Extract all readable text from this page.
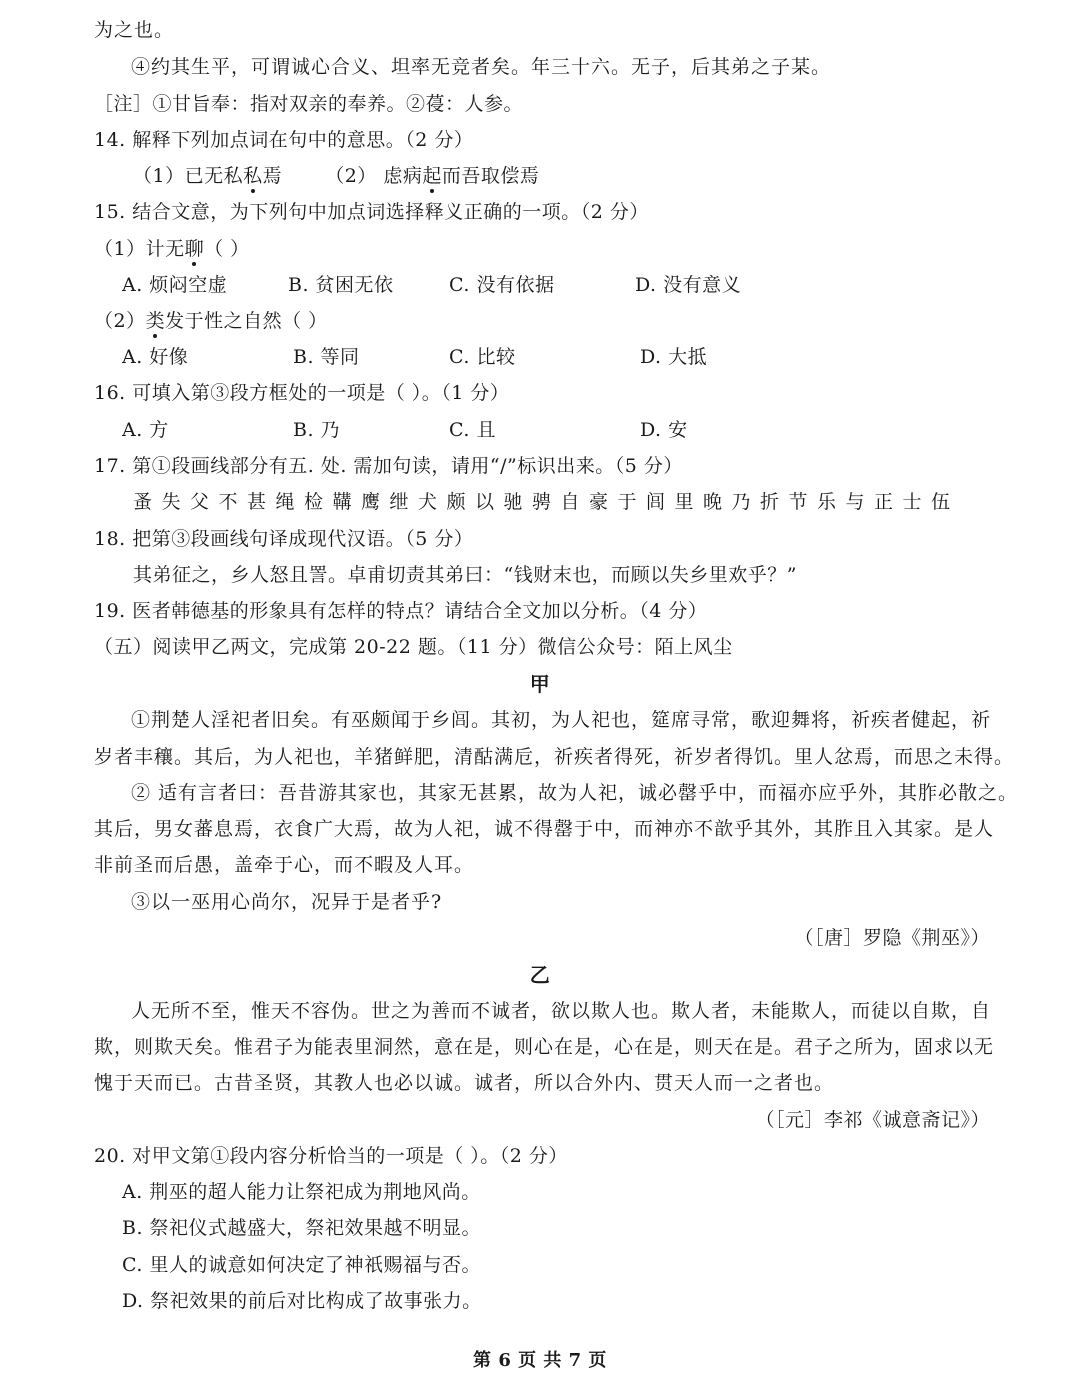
为之也。
④约其生平，可谓诚心合义、坦率无竞者矣。年三十六。无子，后其弟之子某。
［注］①甘旨奉：指对双亲的奉养。②葠：人参。
14. 解释下列加点词在句中的意思。（2 分）
（1）已无私私焉 （2） 虑病起而吾取偿焉
15. 结合文意，为下列句中加点词选择释义正确的一项。（2 分）
（1）计无聊（ ）
A. 烦闷空虚	B. 贫困无依	C. 没有依据	D. 没有意义
（2）类发于性之自然（ ）
A. 好像	B. 等同	C. 比较	D. 大抵
16. 可填入第③段方框处的一项是（ ）。（1 分）
A. 方	B. 乃	C. 且	D. 安
17. 第①段画线部分有五. 处. 需加句读，请用“/”标识出来。（5 分）
蚤失父不甚绳检鞲鹰绁犬颇以驰骋自豪于闾里晚乃折节乐与正士伍
18. 把第③段画线句译成现代汉语。（5 分）
其弟征之，乡人怒且詈。卓甫切责其弟曰：“钱财末也，而顾以失乡里欢乎？”
19. 医者韩德基的形象具有怎样的特点？请结合全文加以分析。（4 分）
（五）阅读甲乙两文，完成第 20-22 题。（11 分）微信公众号：陌上风尘
甲
①荆楚人淫祀者旧矣。有巫颇闻于乡闾。其初，为人祀也，筵席寻常，歌迎舞将，祈疾者健起，祈
岁者丰穰。其后，为人祀也，羊猪鲜肥，清酤满卮，祈疾者得死，祈岁者得饥。里人忿焉，而思之未得。
② 适有言者曰：吾昔游其家也，其家无甚累，故为人祀，诚必罄乎中，而福亦应乎外，其胙必散之。
其后，男女蕃息焉，衣食广大焉，故为人祀，诚不得罄于中，而神亦不歆乎其外，其胙且入其家。是人
非前圣而后愚，盖牵于心，而不暇及人耳。
③以一巫用心尚尔，况异于是者乎?
（［唐］罗隐《荆巫》）
乙
人无所不至，惟天不容伪。世之为善而不诚者，欲以欺人也。欺人者，未能欺人，而徒以自欺，自
欺，则欺天矣。惟君子为能表里洞然，意在是，则心在是，心在是，则天在是。君子之所为，固求以无
愧于天而已。古昔圣贤，其教人也必以诚。诚者，所以合外内、贯天人而一之者也。
（［元］李祁《诚意斋记》）
20. 对甲文第①段内容分析恰当的一项是（ ）。（2 分）
A. 荆巫的超人能力让祭祀成为荆地风尚。
B. 祭祀仪式越盛大，祭祀效果越不明显。
C. 里人的诚意如何决定了神祇赐福与否。
D. 祭祀效果的前后对比构成了故事张力。
第 6 页 共 7 页
